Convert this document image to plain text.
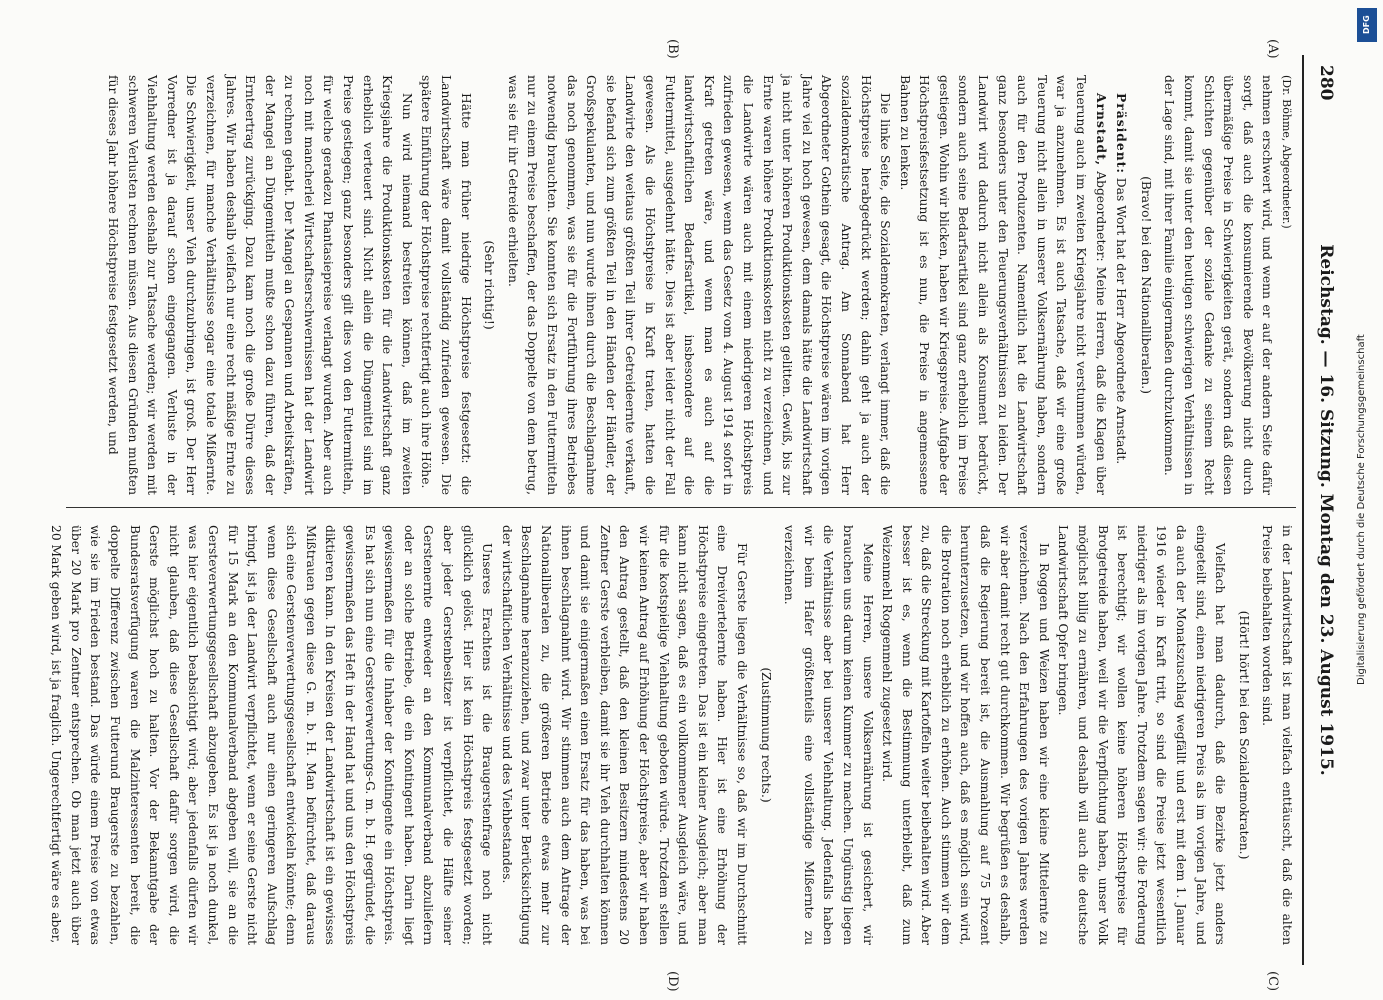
280
Reichstag. — 16. Sitzung. Montag den 23. August 1915.

(Dr. Böhme, Abgeordneter.)

nehmen erschwert wird, und wenn er auf der andern Seite dafür sorgt, daß auch die konsumierende Bevölkerung nicht durch übermäßige Preise in Schwierigkeiten gerät, sondern daß diesen Schichten gegenüber der soziale Gedanke zu seinem Recht kommt, damit sie unter den heutigen schwierigen Verhältnissen in der Lage sind, mit ihrer Familie einigermaßen durchzukommen.

(Bravo! bei den Nationalliberalen.)

Präsident: Das Wort hat der Herr Abgeordnete Arnstadt.

Arnstadt, Abgeordneter: Meine Herren, daß die Klagen über Teuerung auch im zweiten Kriegsjahre nicht verstummen würden, war ja anzunehmen. Es ist auch Tatsache, daß wir eine große Teuerung nicht allein in unserer Volksernährung haben, sondern auch für den Produzenten. Namentlich hat die Landwirtschaft ganz besonders unter den Teuerungsverhältnissen zu leiden. Der Landwirt wird dadurch nicht allein als Konsument bedrückt, sondern auch seine Bedarfsartikel sind ganz erheblich im Preise gestiegen. Wohin wir blicken, haben wir Kriegspreise. Aufgabe der Höchstpreisfestsetzung ist es nun, die Preise in angemessene Bahnen zu lenken.

Die linke Seite, die Sozialdemokraten, verlangt immer, daß die Höchstpreise herabgedrückt werden; dahin geht ja auch der sozialdemokratische Antrag. Am Sonnabend hat Herr Abgeordneter Gothein gesagt, die Höchstpreise wären im vorigen Jahre viel zu hoch gewesen, dem damals hätte die Landwirtschaft ja nicht unter höheren Produktionskosten gelitten. Gewiß, bis zur Ernte waren höhere Produktionskosten nicht zu verzeichnen, und die Landwirte wären auch mit einem niedrigeren Höchstpreis zufrieden gewesen, wenn das Gesetz vom 4. August 1914 sofort in Kraft getreten wäre, und wenn man es auch auf die landwirtschaftlichen Bedarfsartikel, insbesondere auf die Futtermittel, ausgedehnt hätte. Dies ist aber leider nicht der Fall gewesen. Als die Höchstpreise in Kraft traten, hatten die Landwirte den weitaus größten Teil ihrer Getreideernte verkauft, sie befand sich zum größten Teil in den Händen der Händler, der Großspekulanten, und nun wurde ihnen durch die Beschlagnahme das noch genommen, was sie für die Fortführung ihres Betriebes notwendig brauchten. Sie konnten sich Ersatz in den Futtermitteln nur zu einem Preise beschaffen, der das Doppelte von dem betrug, was sie für ihr Getreide erhielten.

(Sehr richtig!)

Hätte man früher niedrige Höchstpreise festgesetzt: die Landwirtschaft wäre damit vollständig zufrieden gewesen. Die spätere Einführung der Höchstpreise rechtfertigt auch ihre Höhe.

Nun wird niemand bestreiten können, daß im zweiten Kriegsjahre die Produktionskosten für die Landwirtschaft ganz erheblich verteuert sind. Nicht allein die Düngemittel sind im Preise gestiegen; ganz besonders gilt dies von den Futtermitteln, für welche geradezu Phantasiepreise verlangt wurden. Aber auch noch mit mancherlei Wirtschaftserschwernissen hat der Landwirt zu rechnen gehabt. Der Mangel an Gespannen und Arbeitskräften, der Mangel an Düngemitteln mußte schon dazu führen, daß der Ernteertrag zurückging. Dazu kam noch die große Dürre dieses Jahres. Wir haben deshalb vielfach nur eine recht mäßige Ernte zu verzeichnen, für manche Verhältnisse sogar eine totale Mißernte. Die Schwierigkeit, unser Vieh durchzubringen, ist groß. Der Herr Vorredner ist ja darauf schon eingegangen. Verluste in der Viehhaltung werden deshalb zur Tatsache werden; wir werden mit schweren Verlusten rechnen müssen. Aus diesen Gründen mußten für dieses Jahr höhere Höchstpreise festgesetzt werden, und

in der Landwirtschaft ist man vielfach enttäuscht, daß die alten Preise beibehalten worden sind.

(Hört! hört! bei den Sozialdemokraten.)

Vielfach hat man dadurch, daß die Bezirke jetzt anders eingeteilt sind, einen niedrigeren Preis als im vorigen Jahre, und da auch der Monatszuschlag wegfällt und erst mit dem 1. Januar 1916 wieder in Kraft tritt, so sind die Preise jetzt wesentlich niedriger als im vorigen Jahre. Trotzdem sagen wir: die Forderung ist berechtigt; wir wollen keine höheren Höchstpreise für Brotgetreide haben, weil wir die Verpflichtung haben, unser Volk möglichst billig zu ernähren, und deshalb will auch die deutsche Landwirtschaft Opfer bringen.

In Roggen und Weizen haben wir eine kleine Mittelernte zu verzeichnen. Nach den Erfahrungen des vorigen Jahres werden wir aber damit recht gut durchkommen. Wir begrüßen es deshalb, daß die Regierung bereit ist, die Ausmahlung auf 75 Prozent herunterzusetzen, und wir hoffen auch, daß es möglich sein wird, die Brotration noch erheblich zu erhöhen. Auch stimmen wir dem zu, daß die Streckung mit Kartoffeln weiter beibehalten wird. Aber besser ist es, wenn die Bestimmung unterbleibt, daß zum Weizenmehl Roggenmehl zugesetzt wird.

Meine Herren, unsere Volksernährung ist gesichert, wir brauchen uns darum keinen Kummer zu machen. Ungünstig liegen die Verhältnisse aber bei unserer Viehhaltung. Jedenfalls haben wir beim Hafer größtenteils eine vollständige Mißernte zu verzeichnen.

(Zustimmung rechts.)

Für Gerste liegen die Verhältnisse so, daß wir im Durchschnitt eine Dreiviertelernte haben. Hier ist eine Erhöhung der Höchstpreise eingetreten. Das ist ein kleiner Ausgleich; aber man kann nicht sagen, daß es ein vollkommener Ausgleich wäre, und für die kostspielige Viehhaltung geboten würde. Trotzdem stellen wir keinen Antrag auf Erhöhung der Höchstpreise, aber wir haben den Antrag gestellt, daß den kleinen Besitzern mindestens 20 Zentner Gerste verbleiben, damit sie ihr Vieh durchhalten können und damit sie einigermaßen einen Ersatz für das haben, was bei ihnen beschlagnahmt wird. Wir stimmen auch dem Antrage der Nationalliberalen zu, die größeren Betriebe etwas mehr zur Beschlagnahme heranzuziehen, und zwar unter Berücksichtigung der wirtschaftlichen Verhältnisse und des Viehbestandes.

Unseres Erachtens ist die Braugerstenfrage noch nicht glücklich gelöst. Hier ist kein Höchstpreis festgesetzt worden; aber jeder Gerstenbesitzer ist verpflichtet, die Hälfte seiner Gerstenernte entweder an den Kommunalverband abzuliefern oder an solche Betriebe, die ein Kontingent haben. Darin liegt gewissermaßen für die Inhaber der Kontingente ein Höchstpreis. Es hat sich nun eine Gersteverwertungs-G. m. b. H. gegründet, die gewissermaßen das Heft in der Hand hat und uns den Höchstpreis diktieren kann. In den Kreisen der Landwirtschaft ist ein gewisses Mißtrauen gegen diese G. m. b. H. Man befürchtet, daß daraus sich eine Gerstenverwertungsgesellschaft entwickeln könnte; denn wenn diese Gesellschaft auch nur einen geringeren Aufschlag bringt, ist ja der Landwirt verpflichtet, wenn er seine Gerste nicht für 15 Mark an den Kommunalverband abgeben will, sie an die Gersteverwertungsgesellschaft abzugeben. Es ist ja noch dunkel, was hier eigentlich beabsichtigt wird; aber jedenfalls dürfen wir nicht glauben, daß diese Gesellschaft dafür sorgen wird, die Gerste möglichst hoch zu halten. Vor der Bekanntgabe der Bundesratsverfügung waren die Malzinteressenten bereit, die doppelte Differenz zwischen Futterund Braugerste zu bezahlen, wie sie im Frieden bestand. Das würde einem Preise von etwas über 20 Mark pro Zentner entsprechen. Ob man jetzt auch über 20 Mark geben wird, ist ja fraglich. Ungerechtfertigt wäre es aber,

(A)
(B)
(C)
(D)
DFG
Digitalisierung gefördert durch die Deutsche Forschungsgemeinschaft
